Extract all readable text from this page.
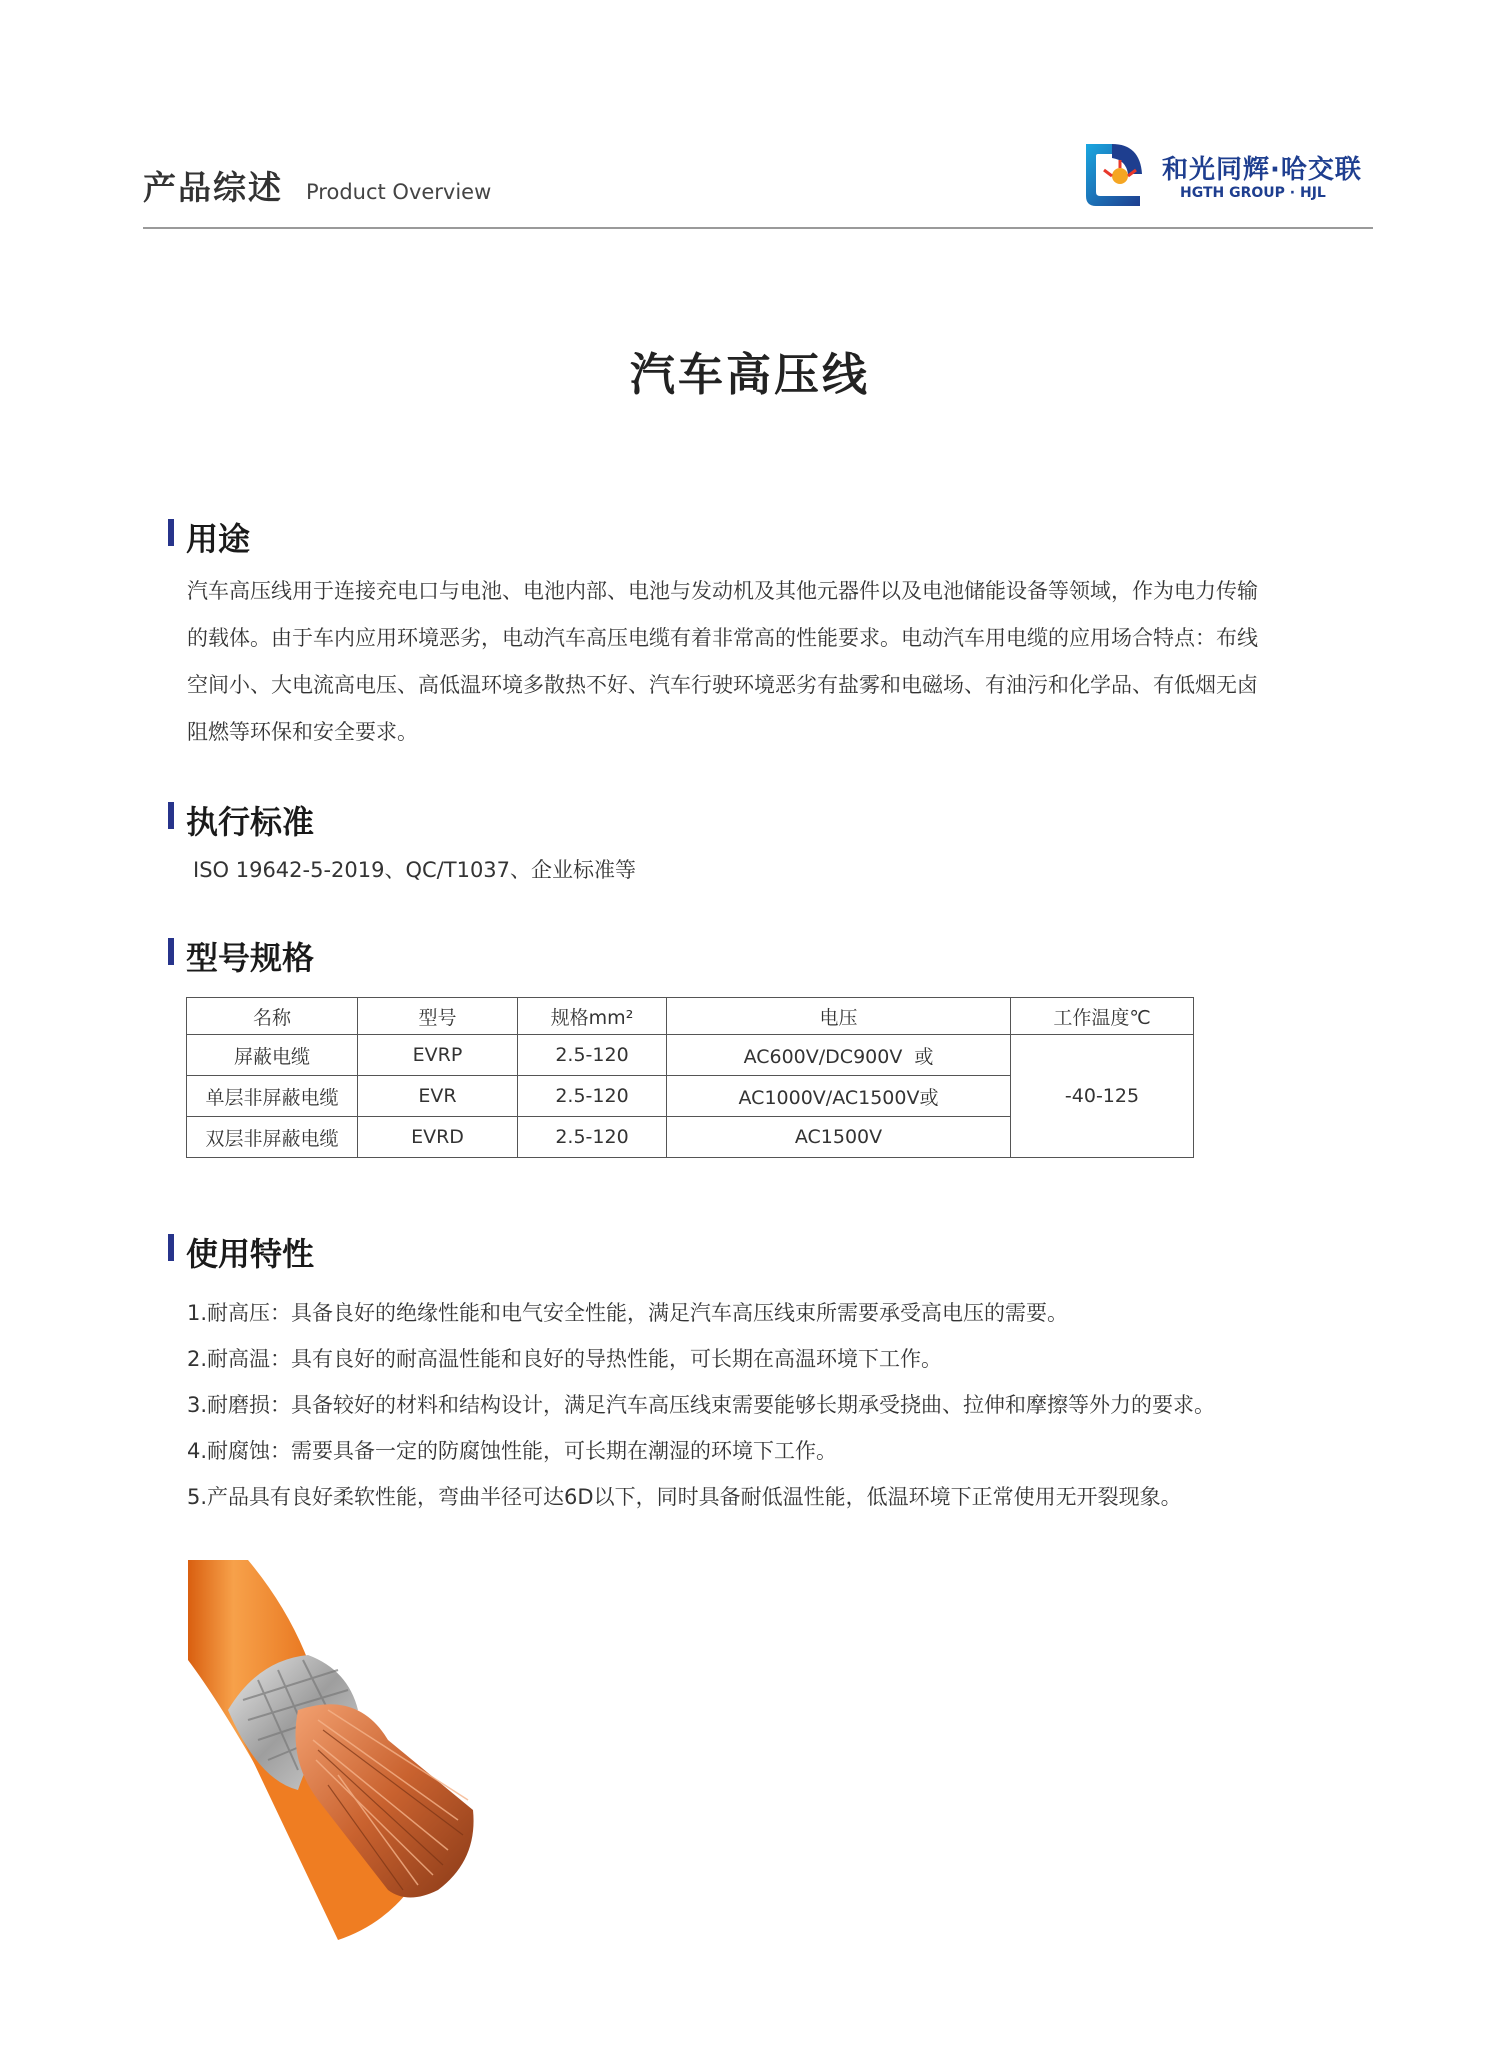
产品综述 Product Overview
和光同辉·哈交联
HGTH GROUP · HJL
汽车高压线
用途

汽车高压线用于连接充电口与电池、电池内部、电池与发动机及其他元器件以及电池储能设备等领域，作为电力传输

的载体。由于车内应用环境恶劣，电动汽车高压电缆有着非常高的性能要求。电动汽车用电缆的应用场合特点：布线

空间小、大电流高电压、高低温环境多散热不好、汽车行驶环境恶劣有盐雾和电磁场、有油污和化学品、有低烟无卤

阻燃等环保和安全要求。

执行标准
ISO 19642-5-2019、QC/T1037、企业标准等
型号规格
名称	型号	规格mm²	电压	工作温度℃
屏蔽电缆	EVRP	2.5-120	AC600V/DC900V  或	-40-125
单层非屏蔽电缆	EVR	2.5-120	AC1000V/AC1500V或	
双层非屏蔽电缆	EVRD	2.5-120	AC1500V	
使用特性
1.耐高压：具备良好的绝缘性能和电气安全性能，满足汽车高压线束所需要承受高电压的需要。
2.耐高温：具有良好的耐高温性能和良好的导热性能，可长期在高温环境下工作。
3.耐磨损：具备较好的材料和结构设计，满足汽车高压线束需要能够长期承受挠曲、拉伸和摩擦等外力的要求。
4.耐腐蚀：需要具备一定的防腐蚀性能，可长期在潮湿的环境下工作。
5.产品具有良好柔软性能，弯曲半径可达6D以下，同时具备耐低温性能，低温环境下正常使用无开裂现象。
